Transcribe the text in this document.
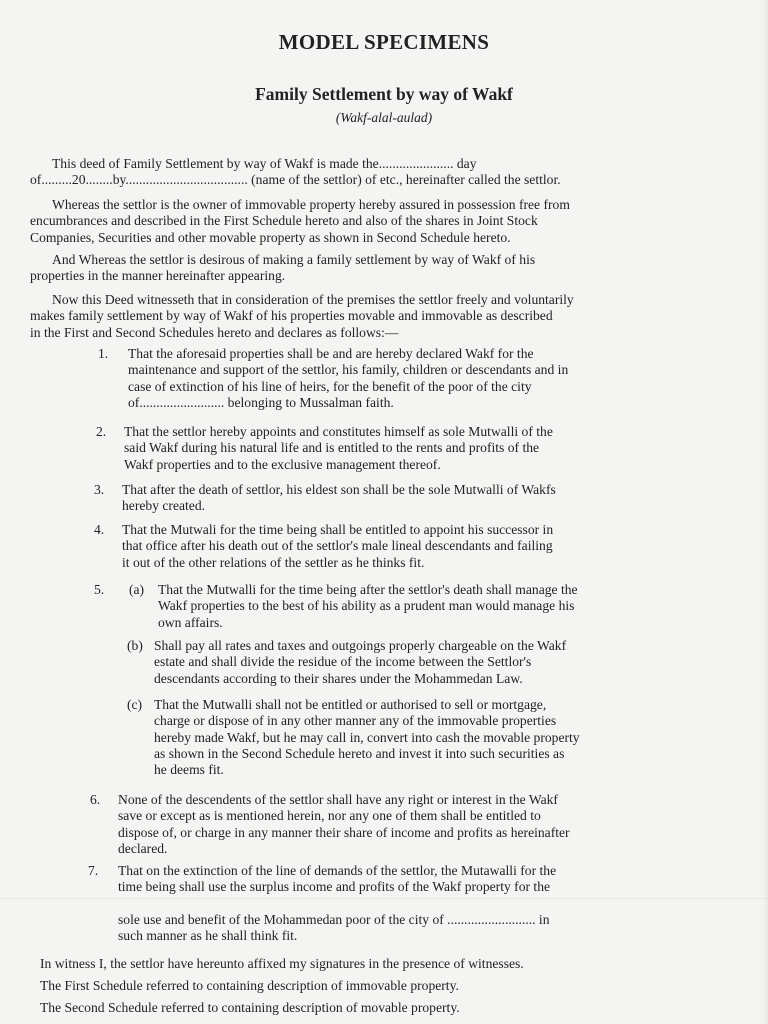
MODEL SPECIMENS
Family Settlement by way of Wakf
(Wakf-alal-aulad)
This deed of Family Settlement by way of Wakf is made the...................... day
of.........20........by.................................... (name of the settlor) of etc., hereinafter called the settlor.
Whereas the settlor is the owner of immovable property hereby assured in possession free from
encumbrances and described in the First Schedule hereto and also of the shares in Joint Stock
Companies, Securities and other movable property as shown in Second Schedule hereto.
And Whereas the settlor is desirous of making a family settlement by way of Wakf of his
properties in the manner hereinafter appearing.
Now this Deed witnesseth that in consideration of the premises the settlor freely and voluntarily
makes family settlement by way of Wakf of his properties movable and immovable as described
in the First and Second Schedules hereto and declares as follows:—
1. That the aforesaid properties shall be and are hereby declared Wakf for the
maintenance and support of the settlor, his family, children or descendants and in
case of extinction of his line of heirs, for the benefit of the poor of the city
of......................... belonging to Mussalman faith.
2. That the settlor hereby appoints and constitutes himself as sole Mutwalli of the
said Wakf during his natural life and is entitled to the rents and profits of the
Wakf properties and to the exclusive management thereof.
3. That after the death of settlor, his eldest son shall be the sole Mutwalli of Wakfs
hereby created.
4. That the Mutwali for the time being shall be entitled to appoint his successor in
that office after his death out of the settlor's male lineal descendants and failing
it out of the other relations of the settler as he thinks fit.
5. (a) That the Mutwalli for the time being after the settlor's death shall manage the
Wakf properties to the best of his ability as a prudent man would manage his
own affairs.
(b) Shall pay all rates and taxes and outgoings properly chargeable on the Wakf
estate and shall divide the residue of the income between the Settlor's
descendants according to their shares under the Mohammedan Law.
(c) That the Mutwalli shall not be entitled or authorised to sell or mortgage,
charge or dispose of in any other manner any of the immovable properties
hereby made Wakf, but he may call in, convert into cash the movable property
as shown in the Second Schedule hereto and invest it into such securities as
he deems fit.
6. None of the descendents of the settlor shall have any right or interest in the Wakf
save or except as is mentioned herein, nor any one of them shall be entitled to
dispose of, or charge in any manner their share of income and profits as hereinafter
declared.
7. That on the extinction of the line of demands of the settlor, the Mutawalli for the
time being shall use the surplus income and profits of the Wakf property for the
sole use and benefit of the Mohammedan poor of the city of .......................... in
such manner as he shall think fit.
In witness I, the settlor have hereunto affixed my signatures in the presence of witnesses.
The First Schedule referred to containing description of immovable property.
The Second Schedule referred to containing description of movable property.
